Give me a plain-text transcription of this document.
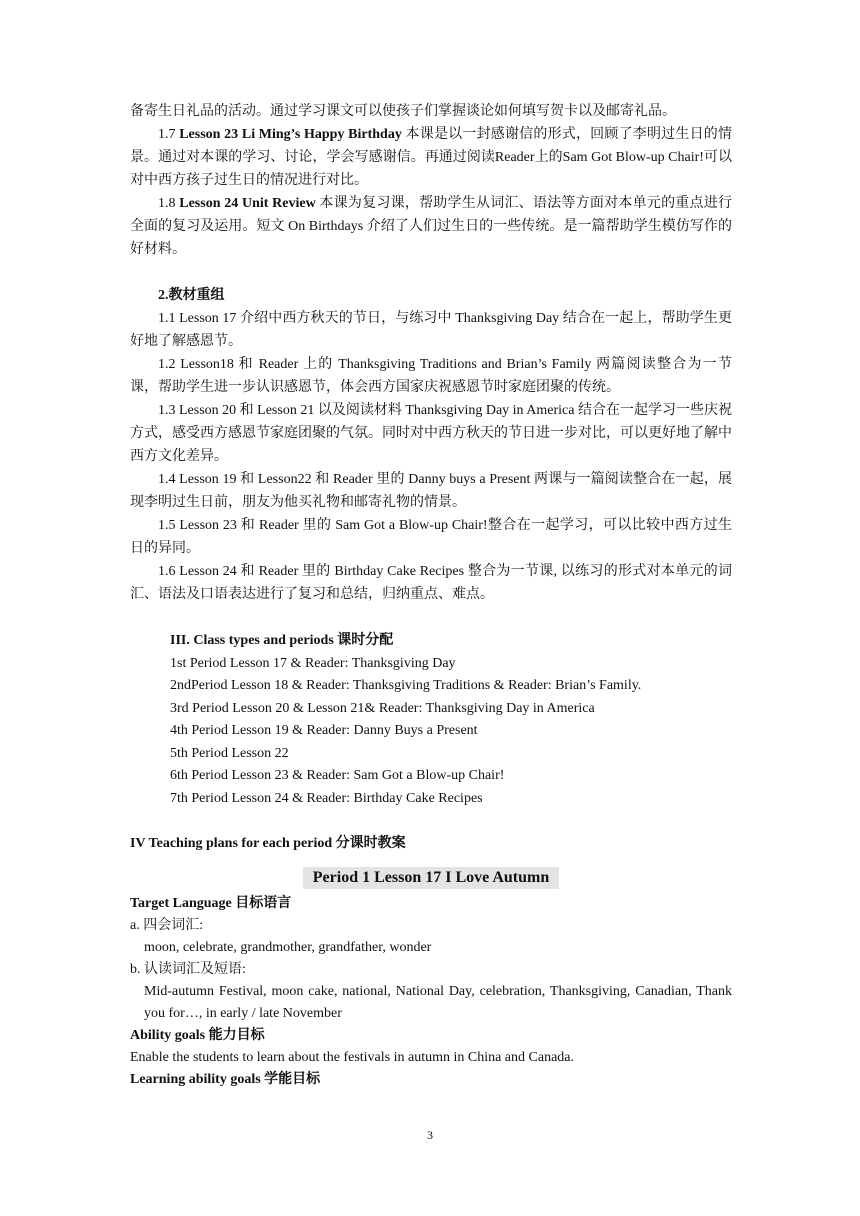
备寄生日礼品的活动。通过学习课文可以使孩子们掌握谈论如何填写贺卡以及邮寄礼品。

1.7 Lesson 23 Li Ming’s Happy Birthday 本课是以一封感谢信的形式，回顾了李明过生日的情景。通过对本课的学习、讨论，学会写感谢信。再通过阅读Reader上的Sam Got Blow-up Chair!可以对中西方孩子过生日的情况进行对比。

1.8 Lesson 24 Unit Review 本课为复习课，帮助学生从词汇、语法等方面对本单元的重点进行全面的复习及运用。短文 On Birthdays 介绍了人们过生日的一些传统。是一篇帮助学生模仿写作的好材料。

2.教材重组

1.1 Lesson 17 介绍中西方秋天的节日，与练习中 Thanksgiving Day 结合在一起上，帮助学生更好地了解感恩节。

1.2 Lesson18 和 Reader 上的 Thanksgiving Traditions and Brian’s Family 两篇阅读整合为一节课，帮助学生进一步认识感恩节，体会西方国家庆祝感恩节时家庭团聚的传统。

1.3 Lesson 20 和 Lesson 21 以及阅读材料 Thanksgiving Day in America 结合在一起学习一些庆祝方式，感受西方感恩节家庭团聚的气氛。同时对中西方秋天的节日进一步对比，可以更好地了解中西方文化差异。

1.4 Lesson 19 和 Lesson22 和 Reader 里的 Danny buys a Present 两课与一篇阅读整合在一起，展现李明过生日前，朋友为他买礼物和邮寄礼物的情景。

1.5 Lesson 23 和 Reader 里的 Sam Got a Blow-up Chair!整合在一起学习，可以比较中西方过生日的异同。

1.6 Lesson 24 和 Reader 里的 Birthday Cake Recipes 整合为一节课, 以练习的形式对本单元的词汇、语法及口语表达进行了复习和总结，归纳重点、难点。

III. Class types and periods 课时分配
1st Period Lesson 17 & Reader: Thanksgiving Day
2ndPeriod Lesson 18 & Reader: Thanksgiving Traditions & Reader: Brian’s Family.
3rd Period Lesson 20 & Lesson 21& Reader: Thanksgiving Day in America
4th Period Lesson 19 & Reader: Danny Buys a Present
5th Period Lesson 22
6th Period Lesson 23 & Reader: Sam Got a Blow-up Chair!
7th Period Lesson 24 & Reader: Birthday Cake Recipes

IV Teaching plans for each period 分课时教案

Period 1 Lesson 17 I Love Autumn
Target Language 目标语言
a. 四会词汇:
moon, celebrate, grandmother, grandfather, wonder
b. 认读词汇及短语:
Mid-autumn Festival, moon cake, national, National Day, celebration, Thanksgiving, Canadian, Thank you for…, in early / late November
Ability goals 能力目标
Enable the students to learn about the festivals in autumn in China and Canada.
Learning ability goals 学能目标
3
